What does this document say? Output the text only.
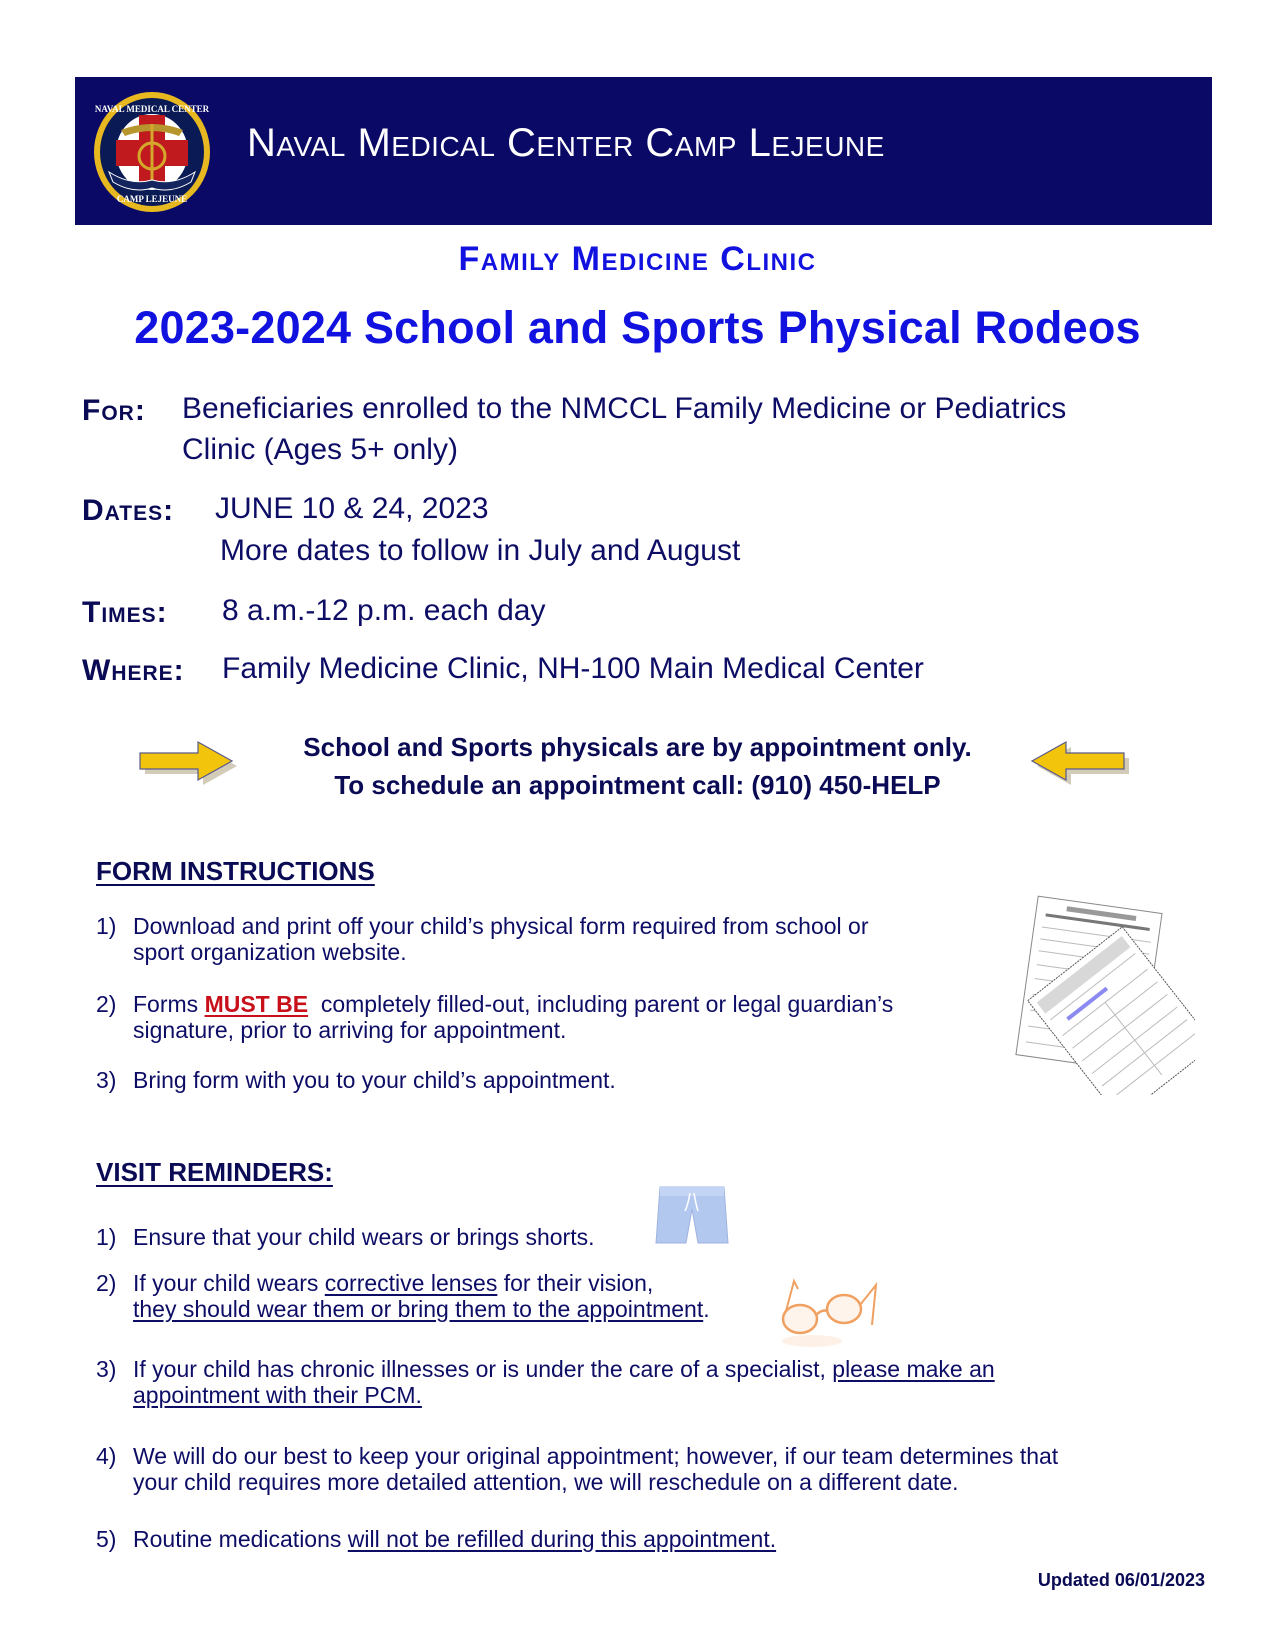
NAVAL MEDICAL CENTER
CAMP LEJEUNE
Naval Medical Center Camp Lejeune
Family Medicine Clinic
2023-2024 School and Sports Physical Rodeos
For: Beneficiaries enrolled to the NMCCL Family Medicine or Pediatrics
Clinic (Ages 5+ only)
Dates: JUNE 10 & 24, 2023
More dates to follow in July and August
Times: 8 a.m.-12 p.m. each day
Where: Family Medicine Clinic, NH-100 Main Medical Center
School and Sports physicals are by appointment only.
To schedule an appointment call: (910) 450-HELP
FORM INSTRUCTIONS
1) Download and print off your child’s physical form required from school or
sport organization website.
2) Forms MUST BE  completely filled-out, including parent or legal guardian’s
signature, prior to arriving for appointment.
3) Bring form with you to your child’s appointment.
VISIT REMINDERS:
1) Ensure that your child wears or brings shorts.
2) If your child wears corrective lenses for their vision,
they should wear them or bring them to the appointment.
3) If your child has chronic illnesses or is under the care of a specialist, please make an
appointment with their PCM.
4) We will do our best to keep your original appointment; however, if our team determines that
your child requires more detailed attention, we will reschedule on a different date.
5) Routine medications will not be refilled during this appointment.
Updated 06/01/2023
